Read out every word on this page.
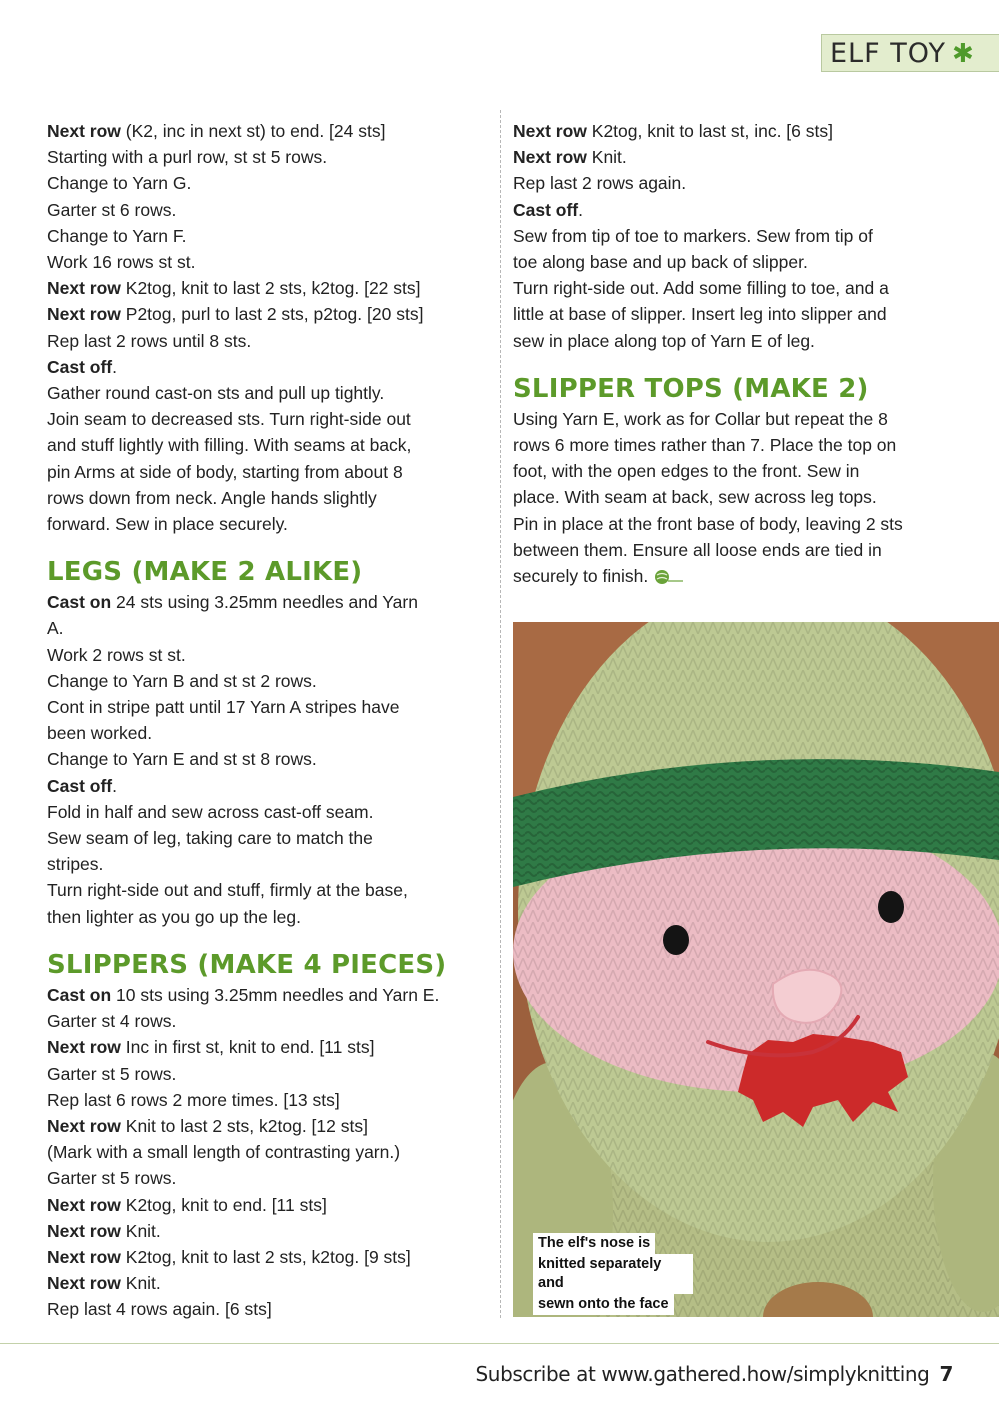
ELF TOY ✱
Next row (K2, inc in next st) to end. [24 sts]
Starting with a purl row, st st 5 rows.
Change to Yarn G.
Garter st 6 rows.
Change to Yarn F.
Work 16 rows st st.
Next row K2tog, knit to last 2 sts, k2tog. [22 sts]
Next row P2tog, purl to last 2 sts, p2tog. [20 sts]
Rep last 2 rows until 8 sts.
Cast off.
Gather round cast-on sts and pull up tightly.
Join seam to decreased sts. Turn right-side out
and stuff lightly with filling. With seams at back,
pin Arms at side of body, starting from about 8
rows down from neck. Angle hands slightly
forward. Sew in place securely.
LEGS (MAKE 2 ALIKE)
Cast on 24 sts using 3.25mm needles and Yarn
A.
Work 2 rows st st.
Change to Yarn B and st st 2 rows.
Cont in stripe patt until 17 Yarn A stripes have
been worked.
Change to Yarn E and st st 8 rows.
Cast off.
Fold in half and sew across cast-off seam.
Sew seam of leg, taking care to match the
stripes.
Turn right-side out and stuff, firmly at the base,
then lighter as you go up the leg.
SLIPPERS (MAKE 4 PIECES)
Cast on 10 sts using 3.25mm needles and Yarn E.
Garter st 4 rows.
Next row Inc in first st, knit to end. [11 sts]
Garter st 5 rows.
Rep last 6 rows 2 more times. [13 sts]
Next row Knit to last 2 sts, k2tog. [12 sts]
(Mark with a small length of contrasting yarn.)
Garter st 5 rows.
Next row K2tog, knit to end. [11 sts]
Next row Knit.
Next row K2tog, knit to last 2 sts, k2tog. [9 sts]
Next row Knit.
Rep last 4 rows again. [6 sts]
Next row K2tog, knit to last st, inc. [6 sts]
Next row Knit.
Rep last 2 rows again.
Cast off.
Sew from tip of toe to markers. Sew from tip of
toe along base and up back of slipper.
Turn right-side out. Add some filling to toe, and a
little at base of slipper. Insert leg into slipper and
sew in place along top of Yarn E of leg.
SLIPPER TOPS (MAKE 2)
Using Yarn E, work as for Collar but repeat the 8
rows 6 more times rather than 7. Place the top on
foot, with the open edges to the front. Sew in
place. With seam at back, sew across leg tops.
Pin in place at the front base of body, leaving 2 sts
between them. Ensure all loose ends are tied in
securely to finish.
The elf's nose is
knitted separately and
sewn onto the face
Subscribe at www.gathered.how/simplyknitting 7
